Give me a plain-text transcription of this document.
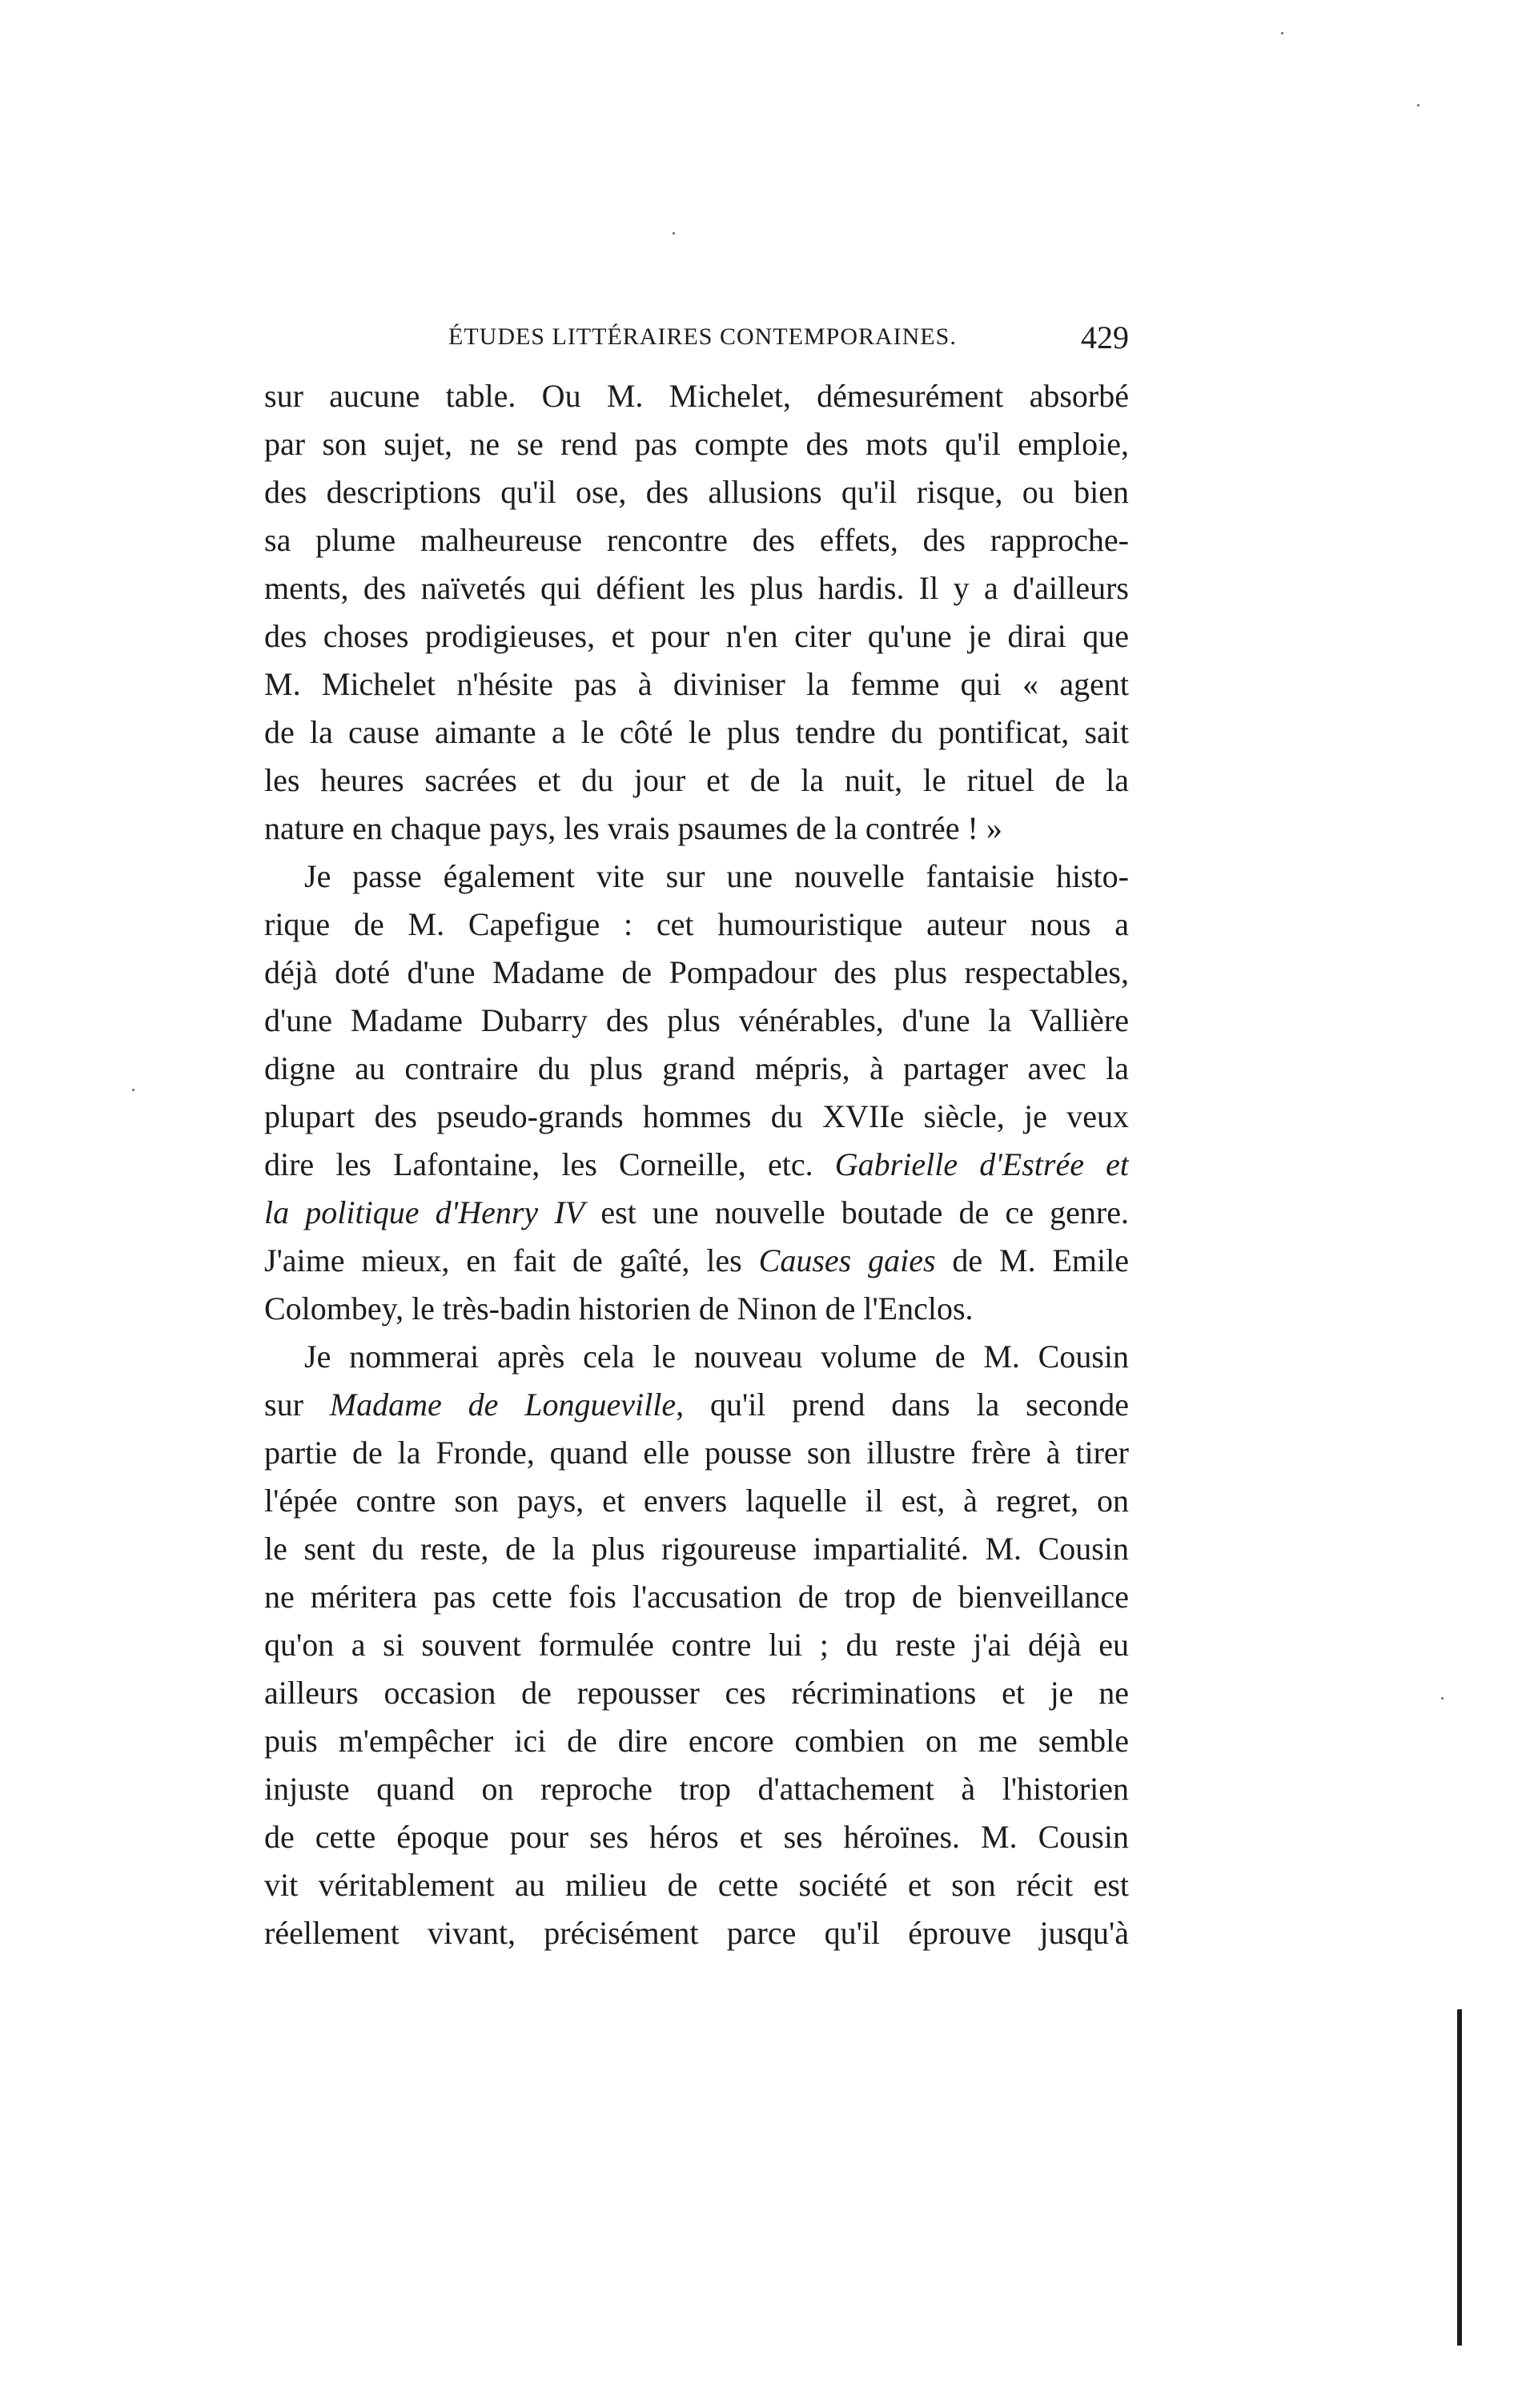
ÉTUDES LITTÉRAIRES CONTEMPORAINES.	429
sur aucune table. Ou M. Michelet, démesurément absorbé
par son sujet, ne se rend pas compte des mots qu'il emploie,
des descriptions qu'il ose, des allusions qu'il risque, ou bien
sa plume malheureuse rencontre des effets, des rapproche-
ments, des naïvetés qui défient les plus hardis. Il y a d'ailleurs
des choses prodigieuses, et pour n'en citer qu'une je dirai que
M. Michelet n'hésite pas à diviniser la femme qui « agent
de la cause aimante a le côté le plus tendre du pontificat, sait
les heures sacrées et du jour et de la nuit, le rituel de la
nature en chaque pays, les vrais psaumes de la contrée ! »
Je passe également vite sur une nouvelle fantaisie histo-
rique de M. Capefigue : cet humouristique auteur nous a
déjà doté d'une Madame de Pompadour des plus respectables,
d'une Madame Dubarry des plus vénérables, d'une la Vallière
digne au contraire du plus grand mépris, à partager avec la
plupart des pseudo-grands hommes du XVIIe siècle, je veux
dire les Lafontaine, les Corneille, etc. Gabrielle d'Estrée et
la politique d'Henry IV est une nouvelle boutade de ce genre.
J'aime mieux, en fait de gaîté, les Causes gaies de M. Emile
Colombey, le très-badin historien de Ninon de l'Enclos.
Je nommerai après cela le nouveau volume de M. Cousin
sur Madame de Longueville, qu'il prend dans la seconde
partie de la Fronde, quand elle pousse son illustre frère à tirer
l'épée contre son pays, et envers laquelle il est, à regret, on
le sent du reste, de la plus rigoureuse impartialité. M. Cousin
ne méritera pas cette fois l'accusation de trop de bienveillance
qu'on a si souvent formulée contre lui ; du reste j'ai déjà eu
ailleurs occasion de repousser ces récriminations et je ne
puis m'empêcher ici de dire encore combien on me semble
injuste quand on reproche trop d'attachement à l'historien
de cette époque pour ses héros et ses héroïnes. M. Cousin
vit véritablement au milieu de cette société et son récit est
réellement vivant, précisément parce qu'il éprouve jusqu'à
